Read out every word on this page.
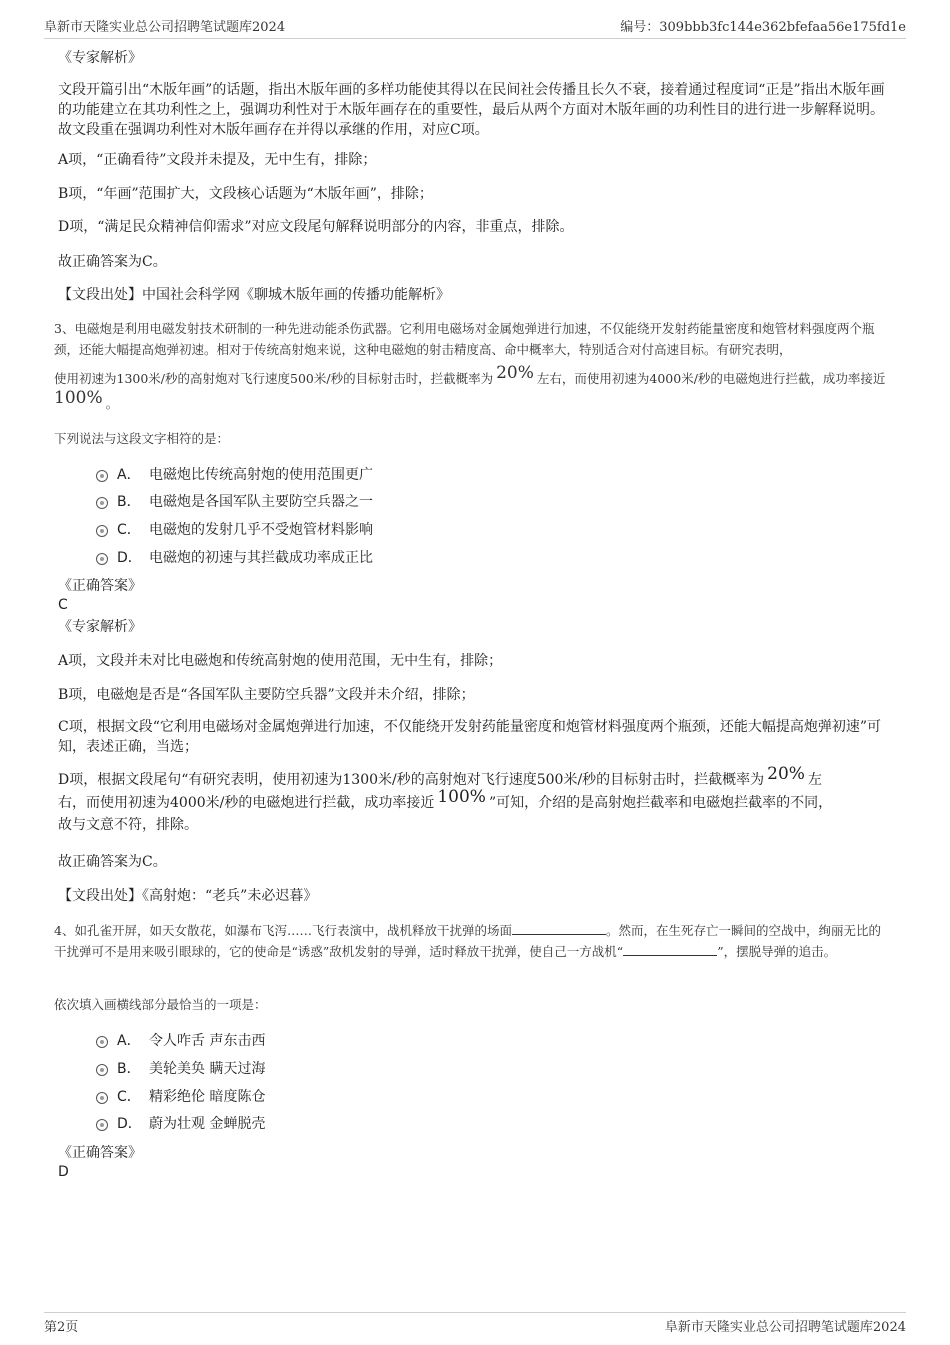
阜新市天隆实业总公司招聘笔试题库2024	编号：309bbb3fc144e362bfefaa56e175fd1e
《专家解析》
文段开篇引出“木版年画”的话题，指出木版年画的多样功能使其得以在民间社会传播且长久不衰，接着通过程度词“正是”指出木版年画的功能建立在其功利性之上，强调功利性对于木版年画存在的重要性，最后从两个方面对木版年画的功利性目的进行进一步解释说明。故文段重在强调功利性对木版年画存在并得以承继的作用，对应C项。
A项，“正确看待”文段并未提及，无中生有，排除；
B项，“年画”范围扩大，文段核心话题为“木版年画”，排除；
D项，“满足民众精神信仰需求”对应文段尾句解释说明部分的内容，非重点，排除。
故正确答案为C。
【文段出处】中国社会科学网《聊城木版年画的传播功能解析》
3、电磁炮是利用电磁发射技术研制的一种先进动能杀伤武器。它利用电磁场对金属炮弹进行加速，不仅能绕开发射药能量密度和炮管材料强度两个瓶颈，还能大幅提高炮弹初速。相对于传统高射炮来说，这种电磁炮的射击精度高、命中概率大，特别适合对付高速目标。有研究表明，
使用初速为1300米/秒的高射炮对飞行速度500米/秒的目标射击时，拦截概率为 20% 左右，而使用初速为4000米/秒的电磁炮进行拦截，成功率接近
100% 。
下列说法与这段文字相符的是：
A． 电磁炮比传统高射炮的使用范围更广
B． 电磁炮是各国军队主要防空兵器之一
C． 电磁炮的发射几乎不受炮管材料影响
D． 电磁炮的初速与其拦截成功率成正比
《正确答案》
C
《专家解析》
A项，文段并未对比电磁炮和传统高射炮的使用范围，无中生有，排除；
B项，电磁炮是否是“各国军队主要防空兵器”文段并未介绍，排除；
C项，根据文段“它利用电磁场对金属炮弹进行加速，不仅能绕开发射药能量密度和炮管材料强度两个瓶颈，还能大幅提高炮弹初速”可知，表述正确，当选；
D项，根据文段尾句“有研究表明，使用初速为1300米/秒的高射炮对飞行速度500米/秒的目标射击时，拦截概率为 20% 左
右，而使用初速为4000米/秒的电磁炮进行拦截，成功率接近 100% ”可知，介绍的是高射炮拦截率和电磁炮拦截率的不同，
故与文意不符，排除。
故正确答案为C。
【文段出处】《高射炮：“老兵”未必迟暮》
4、如孔雀开屏，如天女散花，如瀑布飞泻……飞行表演中，战机释放干扰弹的场面	。然而，在生死存亡一瞬间的空战中，绚丽无比的干扰弹可不是用来吸引眼球的，它的使命是“诱惑”敌机发射的导弹，适时释放干扰弹，使自己一方战机“	”，摆脱导弹的追击。
依次填入画横线部分最恰当的一项是：
A． 令人咋舌 声东击西
B． 美轮美奂 瞒天过海
C． 精彩绝伦 暗度陈仓
D． 蔚为壮观 金蝉脱壳
《正确答案》
D
第2页	阜新市天隆实业总公司招聘笔试题库2024
